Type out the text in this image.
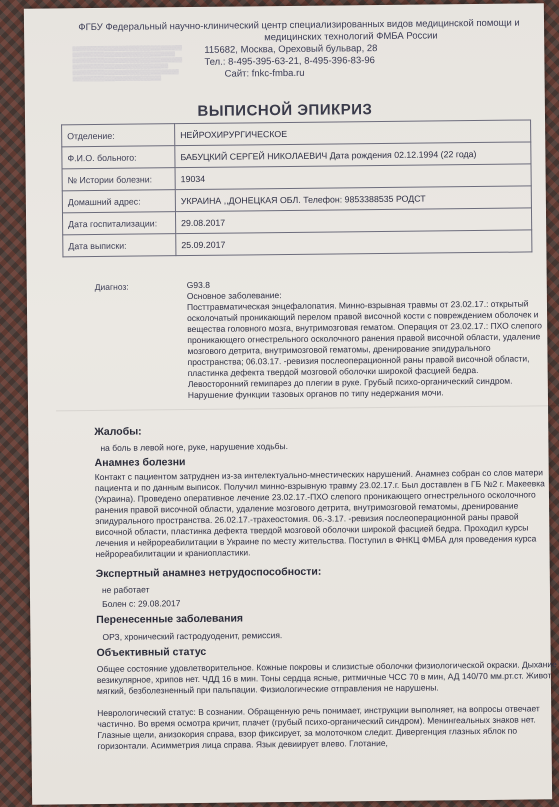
▒▒▒▒▒▒▒▒▒▒▒▒▒▒▒▒▒▒▒▒▒▒▒▒▒▒▒▒▒▒▒
▒▒▒▒▒▒▒▒▒▒▒▒▒▒▒▒▒▒▒▒▒▒▒▒▒▒▒▒▒
▒▒▒▒▒▒▒▒▒▒▒▒▒▒▒▒▒▒▒▒▒▒▒▒▒▒▒▒▒▒▒
▒▒▒▒▒▒▒▒▒▒▒▒▒▒▒▒▒▒▒▒▒▒▒▒▒▒▒
▒▒▒▒▒▒▒▒▒▒▒▒▒▒▒▒▒▒▒▒▒▒▒▒▒▒▒▒▒▒
▒▒▒▒▒▒▒▒▒▒▒▒▒▒▒▒▒▒▒▒▒▒▒▒▒
ФГБУ Федеральный научно-клинический центр специализированных видов медицинской помощи и
медицинских технологий ФМБА России
115682, Москва, Ореховый бульвар, 28
Тел.: 8-495-395-63-21, 8-495-396-83-96
Сайт: fnkc-fmba.ru
ВЫПИСНОЙ ЭПИКРИЗ
Отделение:	НЕЙРОХИРУРГИЧЕСКОЕ
Ф.И.О. больного:	БАБУЦКИЙ СЕРГЕЙ НИКОЛАЕВИЧ Дата рождения 02.12.1994 (22 года)
№ Истории болезни:	19034
Домашний адрес:	УКРАИНА ,,ДОНЕЦКАЯ ОБЛ. Телефон: 9853388535 РОДСТ
Дата госпитализации:	29.08.2017
Дата выписки:	25.09.2017
Диагноз:	G93.8
Основное заболевание:
Посттравматическая энцефалопатия. Минно-взрывная травмы от 23.02.17.: открытый осколочатый проникающий перелом правой височной кости с повреждением оболочек и вещества головного мозга, внутримозговая гематом. Операция от 23.02.17.: ПХО слепого проникающего огнестрельного осколочного ранения правой височной области, удаление мозгового детрита, внутримозговой гематомы, дренирование эпидурального пространства; 06.03.17. -ревизия послеоперационной раны правой височной области, пластинка дефекта твердой мозговой оболочки широкой фасцией бедра.
Левосторонний гемипарез до плегии в руке. Грубый психо-органический синдром.
Нарушение функции тазовых органов по типу недержания мочи.
Жалобы:
на боль в левой ноге, руке, нарушение ходьбы.
Анамнез болезни
Контакт с пациентом затруднен из-за интелектуально-мнестических нарушений. Анамнез собран со слов матери пациента и по данным выписок. Получил минно-взрывную травму 23.02.17.г. Был доставлен в ГБ №2 г. Макеевка (Украина). Проведено оперативное лечение 23.02.17.-ПХО слепого проникающего огнестрельного осколочного ранения правой височной области, удаление мозгового детрита, внутримозговой гематомы, дренирование эпидурального пространства. 26.02.17.-трахеостомия. 06.-3.17. -ревизия послеоперационной раны правой височной области, пластинка дефекта твердой мозговой оболочки широкой фасцией бедра. Проходил курсы лечения и нейрореабилитации в Украине по месту жительства. Поступил в ФНКЦ ФМБА для проведения курса нейрореабилитации и краниопластики.
Экспертный анамнез нетрудоспособности:
не работает
Болен с: 29.08.2017
Перенесенные заболевания
ОРЗ, хронический гастродуоденит, ремиссия.
Объективный статус
Общее состояние удовлетворительное. Кожные покровы и слизистые оболочки физиологической окраски. Дыхание везикулярное, хрипов нет. ЧДД 16 в мин. Тоны сердца ясные, ритмичные ЧСС 70 в мин, АД 140/70 мм.рт.ст. Живот мягкий, безболезненный при пальпации. Физиологические отправления не нарушены.
Неврологический статус: В сознании. Обращенную речь понимает, инструкции выполняет, на вопросы отвечает частично. Во время осмотра кричит, плачет (грубый психо-органический синдром). Менингеальных знаков нет. Глазные щели, анизокория справа, взор фиксирует, за молоточком следит. Дивергенция глазных яблок по горизонтали. Асимметрия лица справа. Язык девиирует влево. Глотание,
